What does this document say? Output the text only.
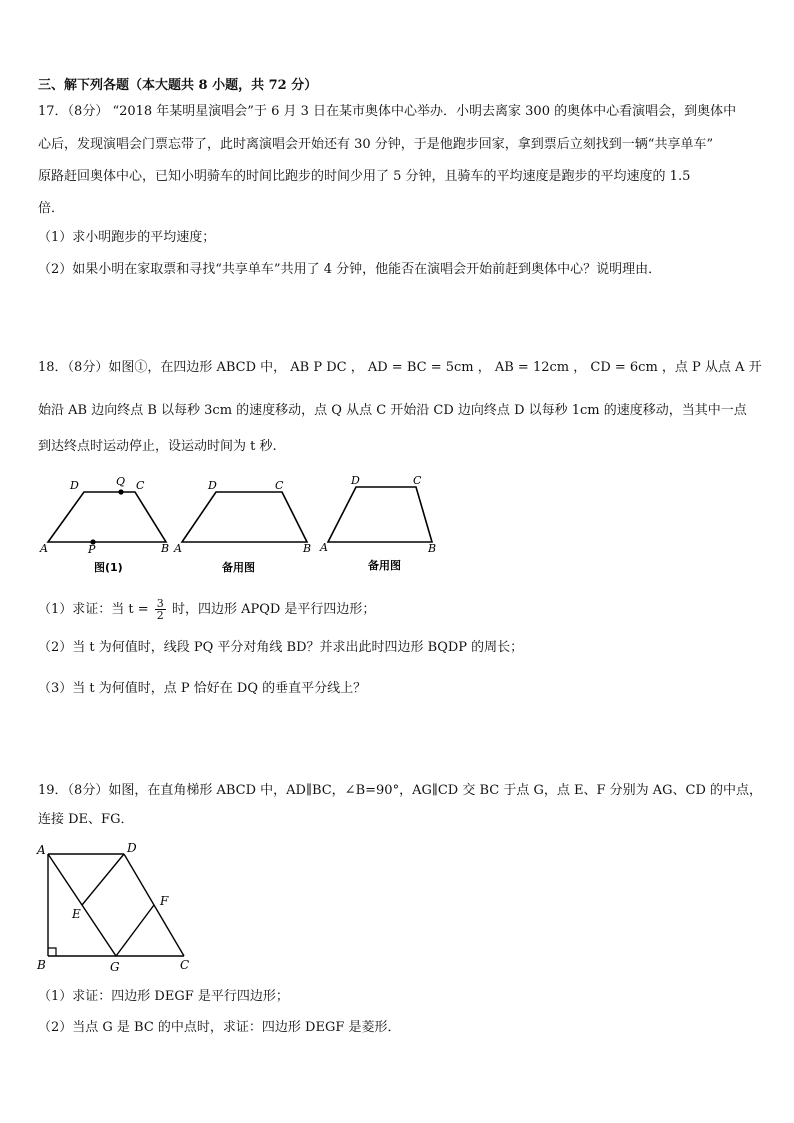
三、解下列各题（本大题共 8 小题，共 72 分）
17．（8分） “2018 年某明星演唱会”于 6 月 3 日在某市奥体中心举办．小明去离家 300 的奥体中心看演唱会，到奥体中
心后，发现演唱会门票忘带了，此时离演唱会开始还有 30 分钟，于是他跑步回家，拿到票后立刻找到一辆“共享单车”
原路赶回奥体中心，已知小明骑车的时间比跑步的时间少用了 5 分钟，且骑车的平均速度是跑步的平均速度的 1.5
倍．
（1）求小明跑步的平均速度；
（2）如果小明在家取票和寻找“共享单车”共用了 4 分钟，他能否在演唱会开始前赶到奥体中心？说明理由．
18．（8分）如图①，在四边形 ABCD 中， AB P DC ， AD = BC = 5cm ， AB = 12cm ， CD = 6cm ，点 P 从点 A 开
始沿 AB 边向终点 B 以每秒 3cm 的速度移动，点 Q 从点 C 开始沿 CD 边向终点 D 以每秒 1cm 的速度移动，当其中一点
到达终点时运动停止，设运动时间为 t 秒.
D	Q C
A	P	B
图(1)
D	C
A	B
备用图
D	C
A	B
备用图
（1）求证：当 $t = \frac{3}{2}$ 时，四边形 APQD 是平行四边形；
（2）当 t 为何值时，线段 PQ 平分对角线 BD？并求出此时四边形 BQDP 的周长；
（3）当 t 为何值时，点 P 恰好在 DQ 的垂直平分线上？
19．（8分）如图，在直角梯形 ABCD 中，AD∥BC，∠B=90°，AG∥CD 交 BC 于点 G，点 E、F 分别为 AG、CD 的中点，
连接 DE、FG．
A	D
E
F
B	G	C
（1）求证：四边形 DEGF 是平行四边形；
（2）当点 G 是 BC 的中点时，求证：四边形 DEGF 是菱形．
